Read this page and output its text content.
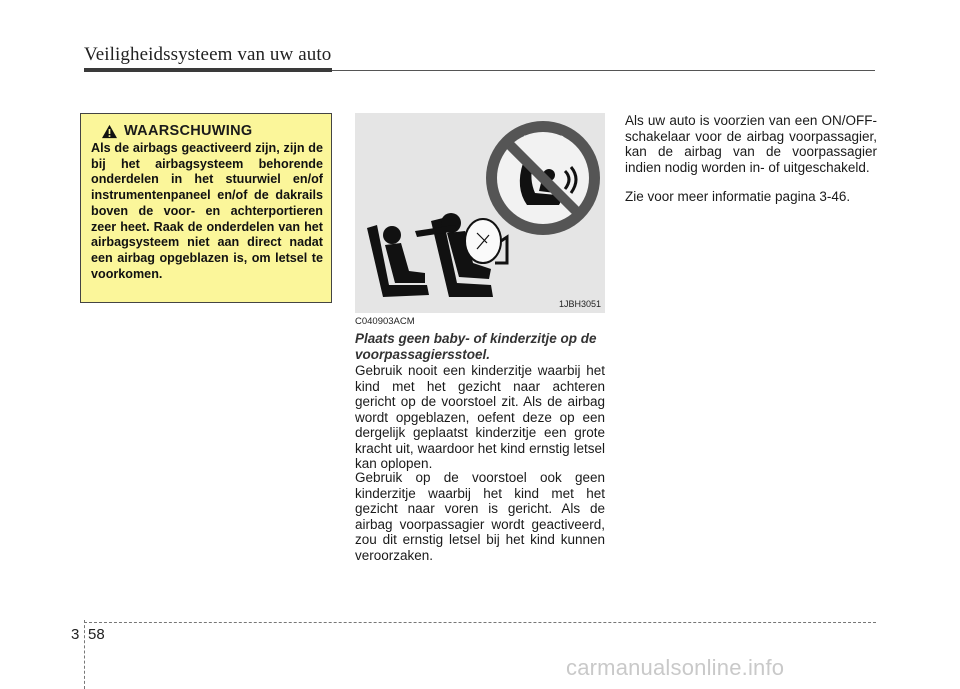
Veiligheidssysteem van uw auto
WAARSCHUWING
Als de airbags geactiveerd zijn, zijn de bij het airbagsysteem behorende onderdelen in het stuurwiel en/of instrumentenpaneel en/of de dakrails boven de voor- en achterportieren zeer heet. Raak de onderdelen van het airbagsysteem niet aan direct nadat een airbag opgeblazen is, om letsel te voorkomen.
AIRBAG
1JBH3051
C040903ACM
Plaats geen baby- of kinderzitje op de voorpassagiersstoel.
Gebruik nooit een kinderzitje waarbij het kind met het gezicht naar achteren gericht op de voorstoel zit. Als de airbag wordt opgeblazen, oefent deze op een dergelijk geplaatst kinderzitje een grote kracht uit, waardoor het kind ernstig letsel kan oplopen.
Gebruik op de voorstoel ook geen kinderzitje waarbij het kind met het gezicht naar voren is gericht. Als de airbag voorpassagier wordt geactiveerd, zou dit ernstig letsel bij het kind kunnen veroorzaken.
Als uw auto is voorzien van een ON/OFF-schakelaar voor de airbag voorpassagier, kan de airbag van de voorpassagier indien nodig worden in- of uitgeschakeld.
Zie voor meer informatie pagina 3-46.
3 58
carmanualsonline.info
